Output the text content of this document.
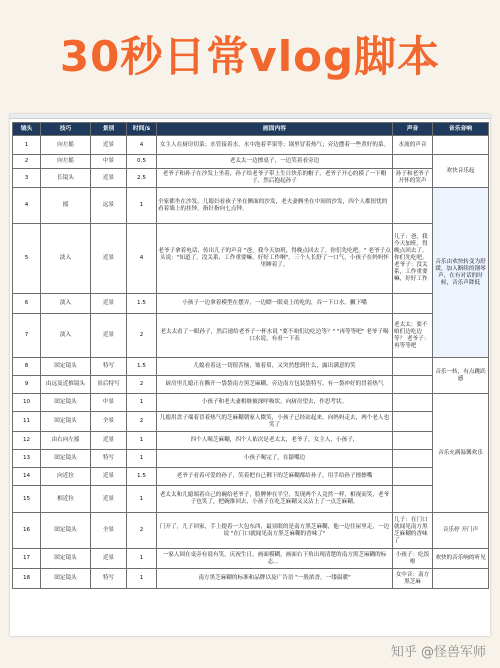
30秒日常vlog脚本
镜头	技巧	景别	时间/s	画面内容	声音	音乐音响
1	向左摇	近景	4	女主人在厨房切菜；水管接着水，水中泡着苹果等；锅里冒着热气；旁边摆着一些煮好的菜。	水流的声音	
2	向左摇	中景	0.5	老太太一边擦桌子，一边笑着看旁边		欢快音乐起
3	长镜头	近景	2.5	老爷子和孙子在沙发上坐着，孙子给老爷子带上生日快乐的帽子，老爷子开心的摸了一下帽子，然后抱起孙子	孙子和老爷子开怀的笑声	
4	摇	远景	1	全家都坐在沙发，儿媳妇看孩子坐在侧面的沙发，老夫妻俩坐在中间的沙发，四个人都扭忧的看着墙上的挂钟。指针指向七点钟。		音乐由欢快转变为舒缓，加入断续的钢琴声，在有对话的时候，音乐声降低
5	淡入	近景	4	老爷子拿着电话，传出儿子的声音 "爸，我今天加班，得晚点回去了，你们先吃吧。" 老爷子点头说："知道了，没关系，工作重要嘛，好好工作啊"，三个人长舒了一口气，小孩子在妈妈怀里睡着了。	儿子：爸，我今天加班，得晚点回去了，你们先吃吧。 老爷子：没关系，工作重要嘛，好好工作	
6	淡入	近景	1.5	小孩子一边拿着模型在摆弄，一边瞟一眼桌上的吃的，吞一下口水，撇下嘴		
7	淡入	近景	2	老太太看了一眼孙子，然后递给老爷子一杯水说 "要不咱们边吃边等？" "再等等吧" 老爷子喝口水说，有看一下表	老太太：要不咱们边吃边等？ 老爷子：再等等吧	
8	固定镜头	特写	1.5	儿媳看着这一切很苦恼，皱着眉，又突然想到什么，露出满意的笑		音乐一转，有点跳跃感
9	由远及近推镜头	景后特写	2	厨房里儿媳正在撕开一袋袋南方黑芝麻糊，旁边南方包装袋特写，有一袋冲好的冒着热气		
10	固定镜头	中景	1	小孩子和老夫妻相继被深呼吸状，向厨房望去，作思考状。		音乐充满温馨欢乐
11	固定镜头	全景	2	儿媳用盘子端着冒着热气的芝麻糊朝家人微笑，小孩子已经站起来，向妈妈走去，两个老人也笑了		
12	由右向左摇	近景	1	四个人喝芝麻糊，四个人依次是老太太，老爷子，女主人，小孩子，		
13	固定镜头	特写	1	小孩子喝完了，在舔嘴边		
14	向近拉	近景	1.5	老爷子看着可爱的孙子，笑着把自己剩下的芝麻糊都给孙子，用手给孙子擦擦嘴		
15	相近拉	近景	1	老太太和儿媳端着自己的碗给老爷子，脸脾伸在半空，发现两个人竟然一样，相视而笑，老爷子也笑了，把碗推回去，小孩子在吃芝麻糊又又沾上了一点芝麻糊。		
16	固定镜头	全景	2	门开了，儿子回家，手上提着一大包东西，最显眼的是南方黑芝麻糊，他一边往屋里走，一边说 "在门口就闻见南方黑芝麻糊的香味了"	儿子：在门口就闻见南方黑芝麻糊的香味了	音乐停 开门声
17	固定镜头	近景	1	一家人围在桌旁有说有笑，庆祝生日。画面模糊，画面右下角出现清楚的南方黑芝麻糊的标志。。	小孩子：吃饭啦	欢快的音乐响的听见
18	固定镜头	特写	1	南方黑芝麻糊的标准和品牌以及广告语 "一股浓香，一缕温暖"	女中音：南方黑芝麻	
知乎 @怪兽军师
